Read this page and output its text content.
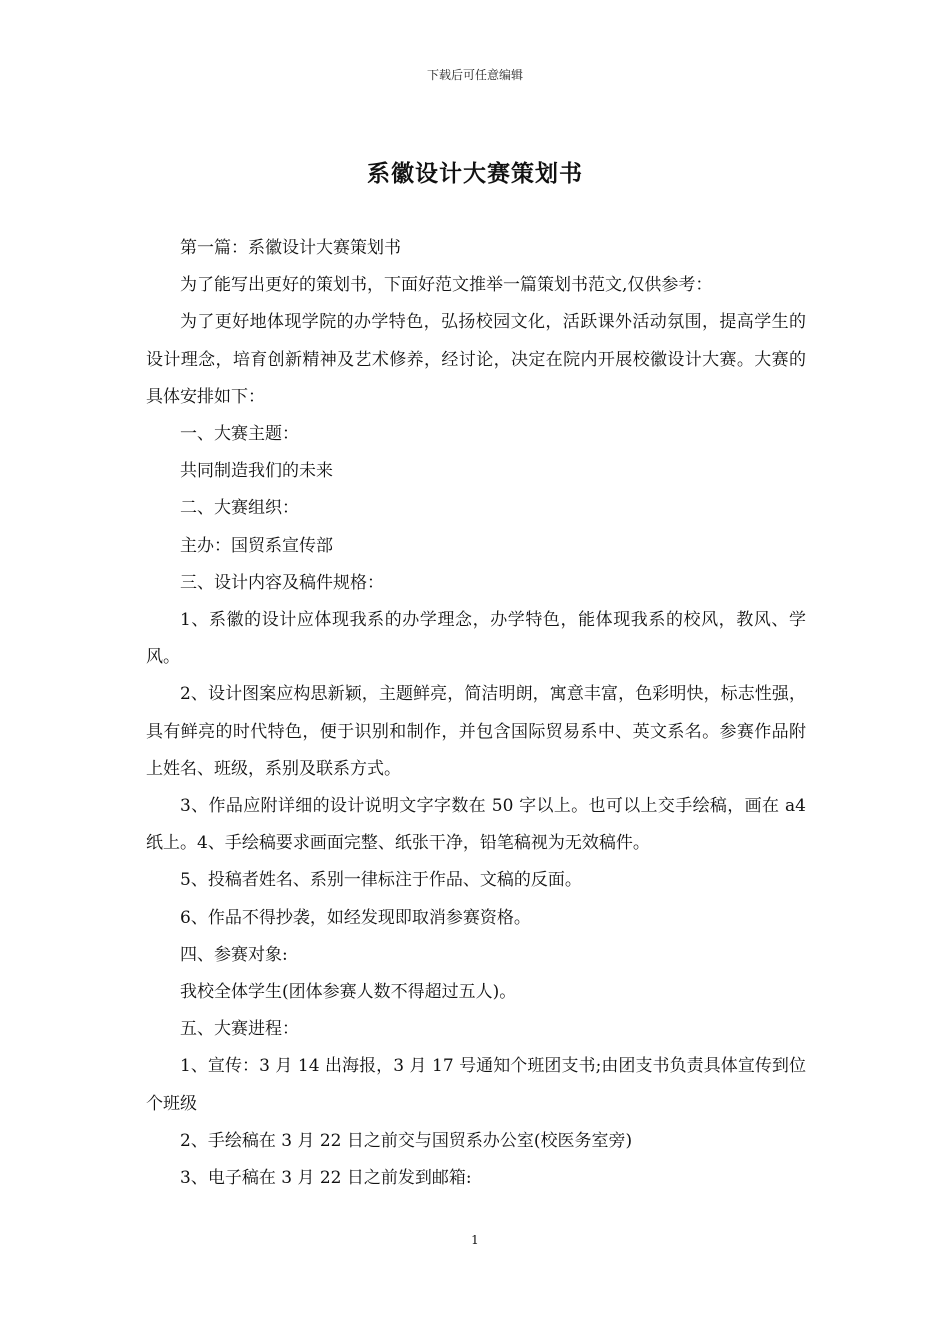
下载后可任意编辑
系徽设计大赛策划书

第一篇：系徽设计大赛策划书

为了能写出更好的策划书，下面好范文推举一篇策划书范文,仅供参考：

为了更好地体现学院的办学特色，弘扬校园文化，活跃课外活动氛围，提高学生的设计理念，培育创新精神及艺术修养，经讨论，决定在院内开展校徽设计大赛。大赛的具体安排如下：

一、大赛主题：

共同制造我们的未来

二、大赛组织：

主办：国贸系宣传部

三、设计内容及稿件规格：

1、系徽的设计应体现我系的办学理念，办学特色，能体现我系的校风，教风、学风。

2、设计图案应构思新颖，主题鲜亮，简洁明朗，寓意丰富，色彩明快，标志性强，具有鲜亮的时代特色，便于识别和制作，并包含国际贸易系中、英文系名。参赛作品附上姓名、班级，系别及联系方式。

3、作品应附详细的设计说明文字字数在 50 字以上。也可以上交手绘稿，画在 a4 纸上。4、手绘稿要求画面完整、纸张干净，铅笔稿视为无效稿件。

5、投稿者姓名、系别一律标注于作品、文稿的反面。

6、作品不得抄袭，如经发现即取消参赛资格。

四、参赛对象:

我校全体学生(团体参赛人数不得超过五人)。

五、大赛进程：

1、宣传：3 月 14 出海报，3 月 17 号通知个班团支书;由团支书负责具体宣传到位个班级

2、手绘稿在 3 月 22 日之前交与国贸系办公室(校医务室旁)

3、电子稿在 3 月 22 日之前发到邮箱:

1
